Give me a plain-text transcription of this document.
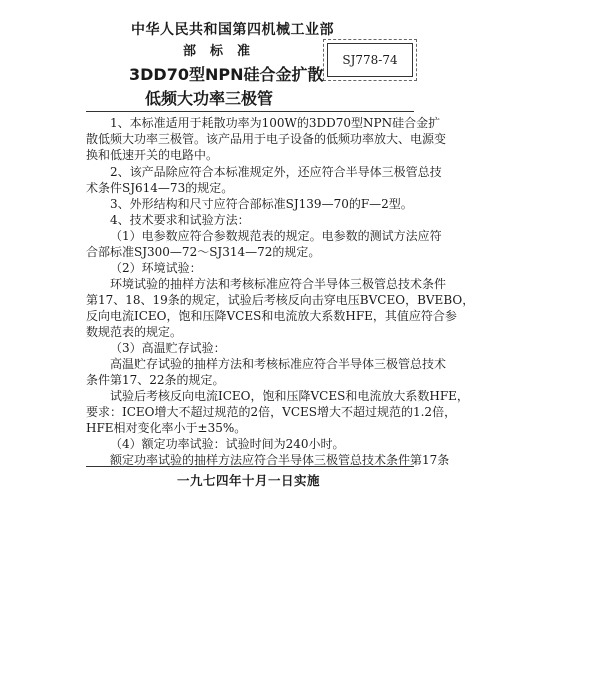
中华人民共和国第四机械工业部
部标准
SJ778-74
3DD70型NPN硅合金扩散
低频大功率三极管
1、本标准适用于耗散功率为100W的3DD70型NPN硅合金扩
散低频大功率三极管。该产品用于电子设备的低频功率放大、电源变
换和低速开关的电路中。
2、该产品除应符合本标准规定外，还应符合半导体三极管总技
术条件SJ614—73的规定。
3、外形结构和尺寸应符合部标准SJ139—70的F—2型。
4、技术要求和试验方法：
（1）电参数应符合参数规范表的规定。电参数的测试方法应符
合部标准SJ300—72～SJ314—72的规定。
（2）环境试验：
环境试验的抽样方法和考核标准应符合半导体三极管总技术条件
第17、18、19条的规定，试验后考核反向击穿电压BVCEO，BVEBO，
反向电流ICEO，饱和压降VCES和电流放大系数HFE，其值应符合参
数规范表的规定。
（3）高温贮存试验：
高温贮存试验的抽样方法和考核标准应符合半导体三极管总技术
条件第17、22条的规定。
试验后考核反向电流ICEO，饱和压降VCES和电流放大系数HFE，
要求：ICEO增大不超过规范的2倍，VCES增大不超过规范的1.2倍，
HFE相对变化率小于±35%。
（4）额定功率试验：试验时间为240小时。
额定功率试验的抽样方法应符合半导体三极管总技术条件第17条
一九七四年十月一日实施
